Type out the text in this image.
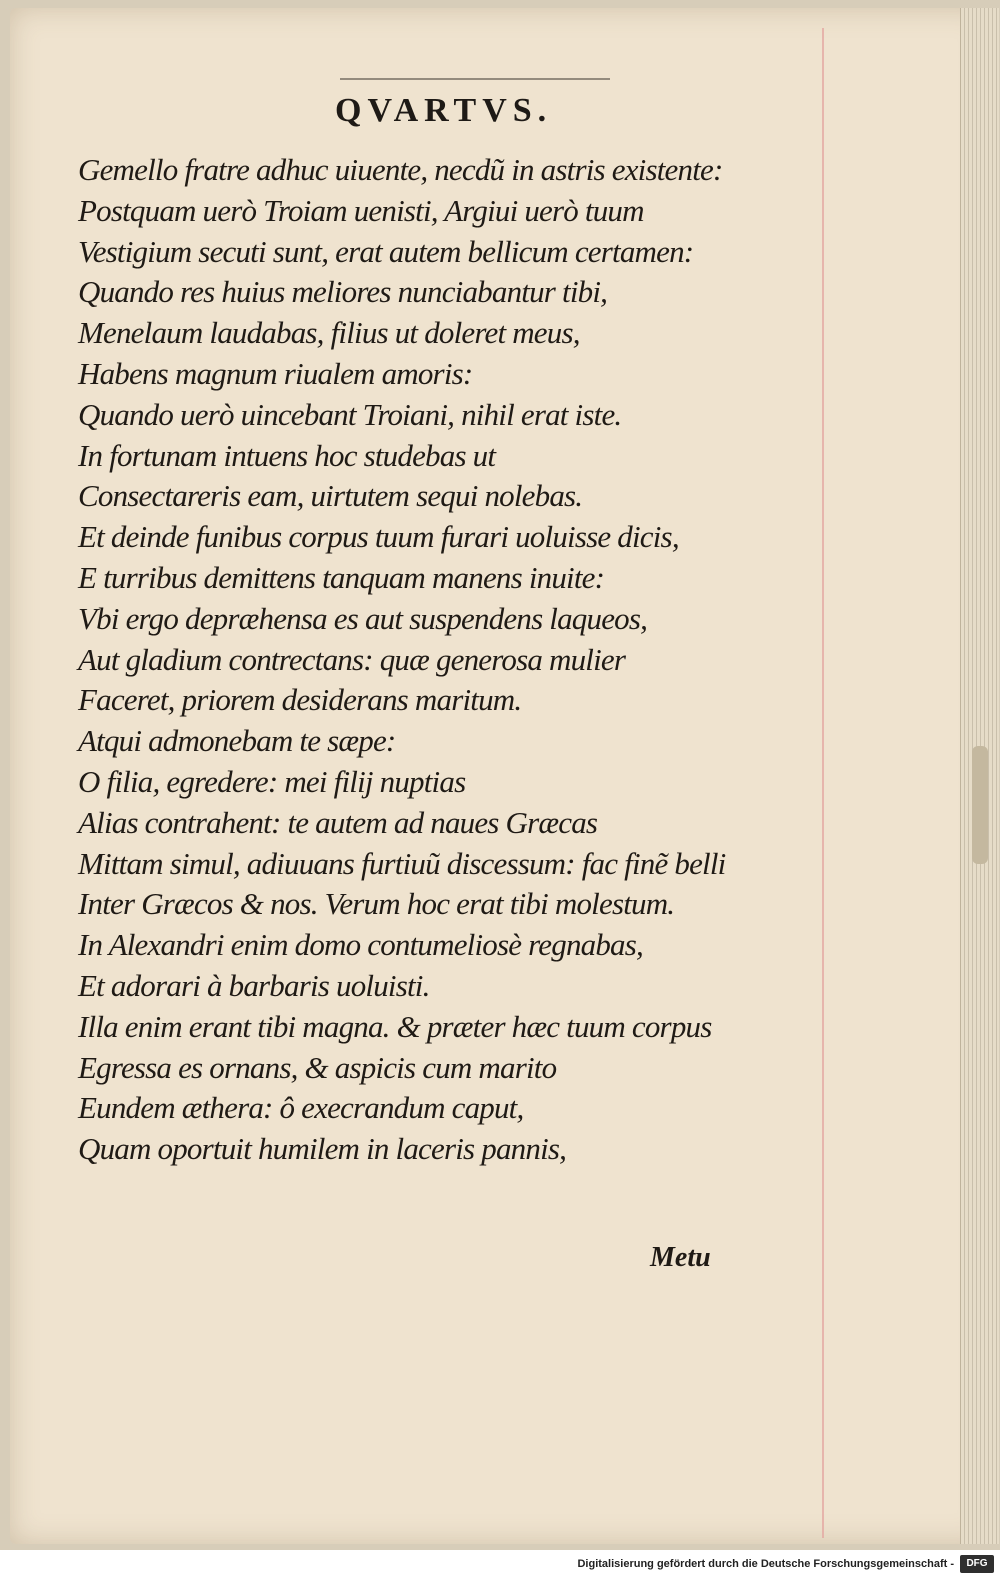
QVARTVS.
Gemello fratre adhuc uiuente, necdũ in astris existente:
Postquam uerò Troiam uenisti, Argiui uerò tuum
Vestigium secuti sunt, erat autem bellicum certamen:
Quando res huius meliores nunciabantur tibi,
Menelaum laudabas, filius ut doleret meus,
Habens magnum riualem amoris:
Quando uerò uincebant Troiani, nihil erat iste.
In fortunam intuens hoc studebas ut
Consectareris eam, uirtutem sequi nolebas.
Et deinde funibus corpus tuum furari uoluisse dicis,
E turribus demittens tanquam manens inuite:
Vbi ergo deprӕhensa es aut suspendens laqueos,
Aut gladium contrectans: quӕ generosa mulier
Faceret, priorem desiderans maritum.
Atqui admonebam te sӕpe:
O filia, egredere: mei filij nuptias
Alias contrahent: te autem ad naues Grӕcas
Mittam simul, adiuuans furtiuũ discessum: fac finẽ belli
Inter Grӕcos & nos. Verum hoc erat tibi molestum.
In Alexandri enim domo contumeliosè regnabas,
Et adorari à barbaris uoluisti.
Illa enim erant tibi magna. & prӕter hӕc tuum corpus
Egressa es ornans, & aspicis cum marito
Eundem ӕthera: ô execrandum caput,
Quam oportuit humilem in laceris pannis,
Metu
Digitalisierung gefördert durch die Deutsche Forschungsgemeinschaft -	DFG
